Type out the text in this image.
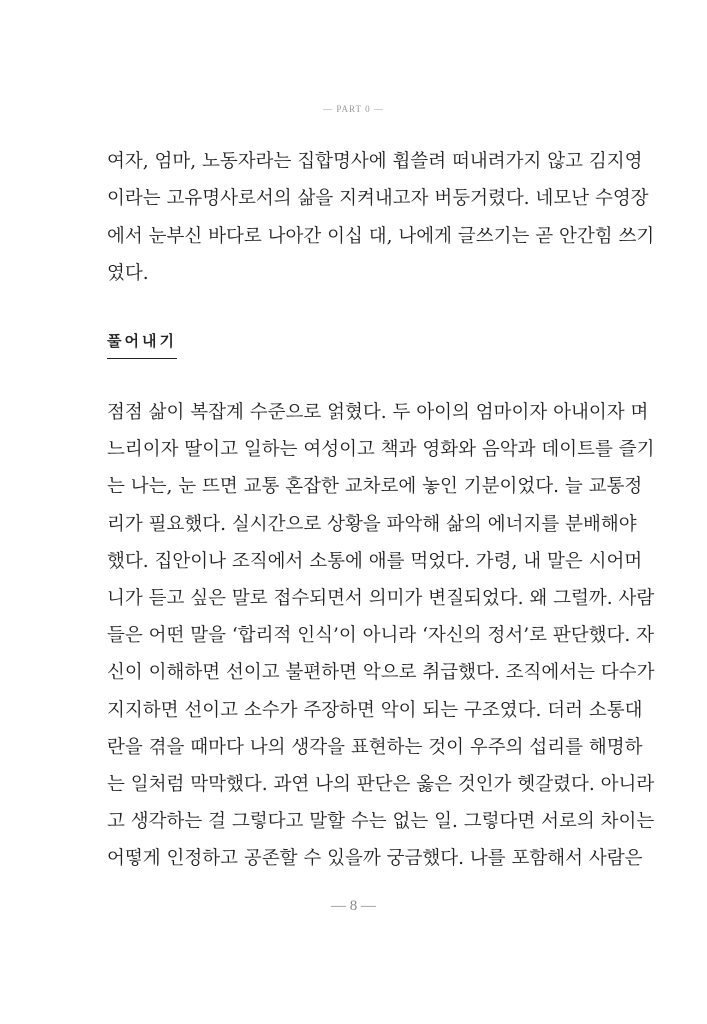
— PART 0 —
여자, 엄마, 노동자라는 집합명사에 휩쓸려 떠내려가지 않고 김지영
이라는 고유명사로서의 삶을 지켜내고자 버둥거렸다. 네모난 수영장
에서 눈부신 바다로 나아간 이십 대, 나에게 글쓰기는 곧 안간힘 쓰기
였다.
풀어내기
점점 삶이 복잡계 수준으로 얽혔다. 두 아이의 엄마이자 아내이자 며
느리이자 딸이고 일하는 여성이고 책과 영화와 음악과 데이트를 즐기
는 나는, 눈 뜨면 교통 혼잡한 교차로에 놓인 기분이었다. 늘 교통정
리가 필요했다. 실시간으로 상황을 파악해 삶의 에너지를 분배해야
했다. 집안이나 조직에서 소통에 애를 먹었다. 가령, 내 말은 시어머
니가 듣고 싶은 말로 접수되면서 의미가 변질되었다. 왜 그럴까. 사람
들은 어떤 말을 ‘합리적 인식’이 아니라 ‘자신의 정서’로 판단했다. 자
신이 이해하면 선이고 불편하면 악으로 취급했다. 조직에서는 다수가
지지하면 선이고 소수가 주장하면 악이 되는 구조였다. 더러 소통대
란을 겪을 때마다 나의 생각을 표현하는 것이 우주의 섭리를 해명하
는 일처럼 막막했다. 과연 나의 판단은 옳은 것인가 헷갈렸다. 아니라
고 생각하는 걸 그렇다고 말할 수는 없는 일. 그렇다면 서로의 차이는
어떻게 인정하고 공존할 수 있을까 궁금했다. 나를 포함해서 사람은
— 8 —
